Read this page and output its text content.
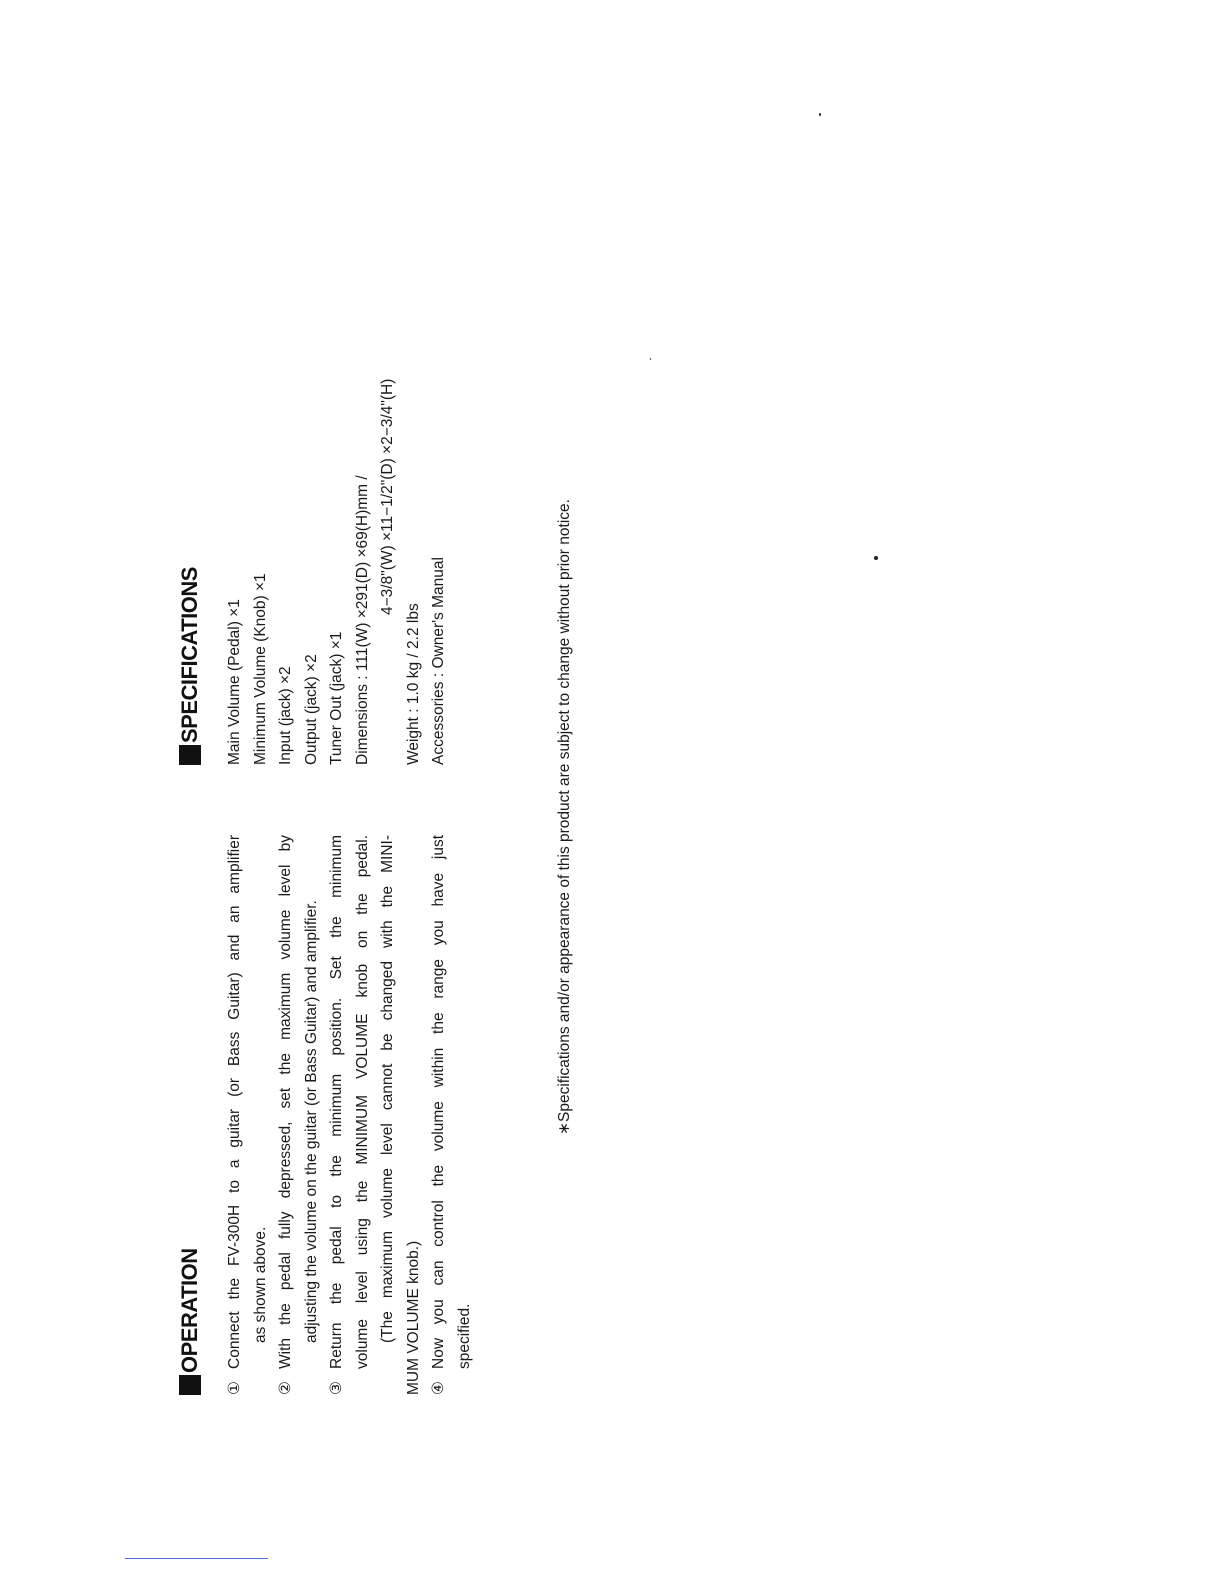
OPERATION
①
Connect the FV-300H to a guitar (or Bass Guitar) and an amplifier as shown above.
②
With the pedal fully depressed, set the maximum volume level by adjusting the volume on the guitar (or Bass Guitar) and amplifier.
③
Return the pedal to the minimum position. Set the minimum volume level using the MINIMUM VOLUME knob on the pedal. (The maximum volume level cannot be changed with the MINI- MUM VOLUME knob.) ④
Now you can control the volume within the range you have just specified.
SPECIFICATIONS Main Volume (Pedal) ×1 Minimum Volume (Knob) ×1 Input (jack) ×2 Output (jack) ×2 Tuner Out (jack) ×1 Dimensions : 111(W) ×291(D) ×69(H)mm / 4−3/8"(W) ×11−1/2"(D) ×2−3/4"(H)
Weight : 1.0 kg / 2.2 lbs Accessories : Owner's Manual	∗Specifications and/or appearance of this product are subject to change without prior notice.
